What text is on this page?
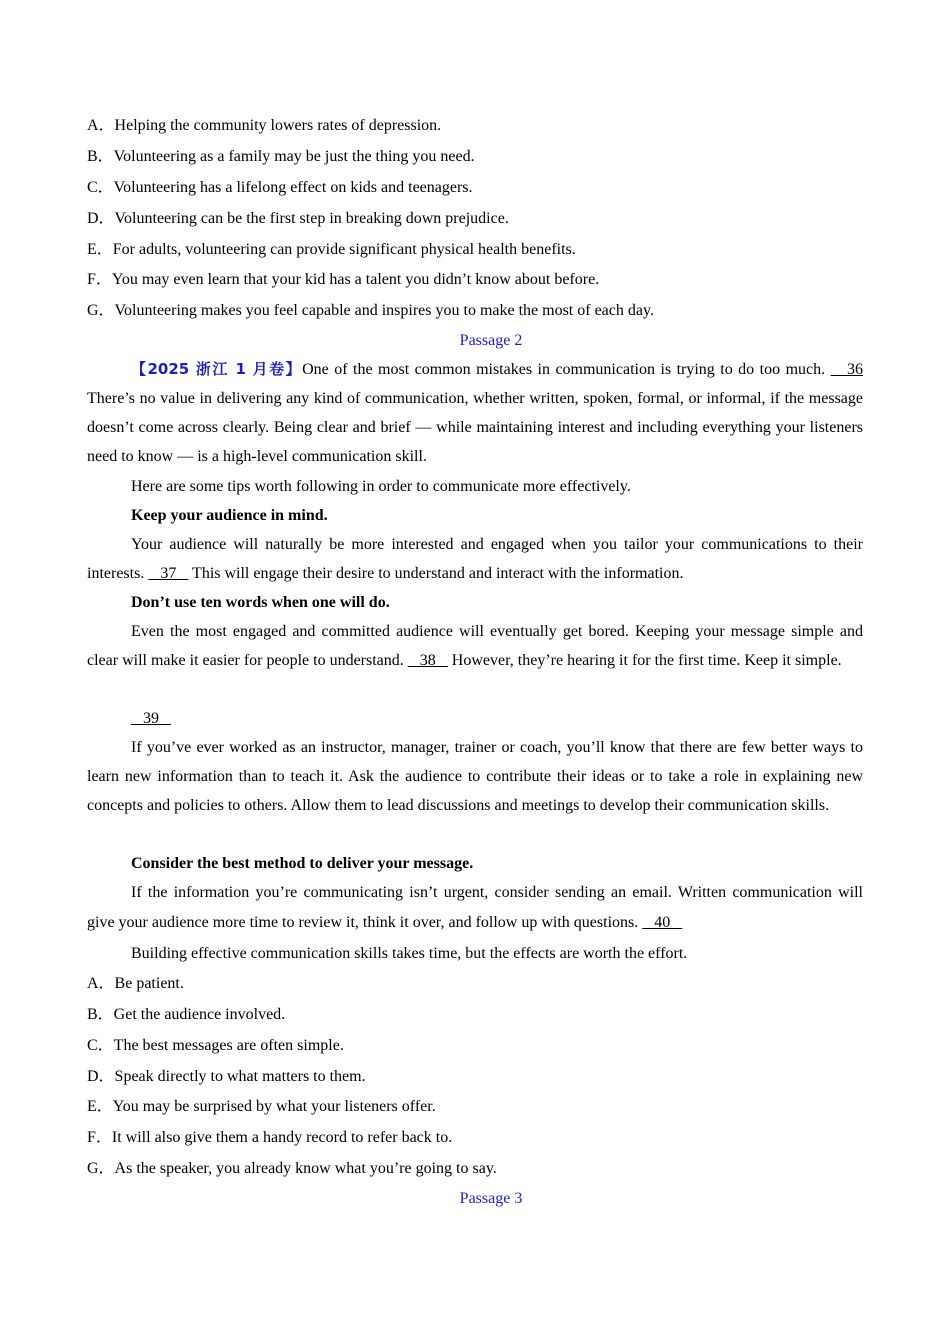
A．Helping the community lowers rates of depression.
B．Volunteering as a family may be just the thing you need.
C．Volunteering has a lifelong effect on kids and teenagers.
D．Volunteering can be the first step in breaking down prejudice.
E．For adults, volunteering can provide significant physical health benefits.
F．You may even learn that your kid has a talent you didn’t know about before.
G．Volunteering makes you feel capable and inspires you to make the most of each day.
Passage 2
【2025 浙江 1 月卷】One of the most common mistakes in communication is trying to do too much.    36 There’s no value in delivering any kind of communication, whether written, spoken, formal, or informal, if the message doesn’t come across clearly. Being clear and brief — while maintaining interest and including everything your listeners need to know — is a high-level communication skill.
Here are some tips worth following in order to communicate more effectively.
Keep your audience in mind.
Your audience will naturally be more interested and engaged when you tailor your communications to their interests.    37    This will engage their desire to understand and interact with the information.
Don’t use ten words when one will do.
Even the most engaged and committed audience will eventually get bored. Keeping your message simple and clear will make it easier for people to understand.    38    However, they’re hearing it for the first time. Keep it simple.
39
If you’ve ever worked as an instructor, manager, trainer or coach, you’ll know that there are few better ways to learn new information than to teach it. Ask the audience to contribute their ideas or to take a role in explaining new concepts and policies to others. Allow them to lead discussions and meetings to develop their communication skills.
Consider the best method to deliver your message.
If the information you’re communicating isn’t urgent, consider sending an email. Written communication will give your audience more time to review it, think it over, and follow up with questions.    40
Building effective communication skills takes time, but the effects are worth the effort.
A．Be patient.
B．Get the audience involved.
C．The best messages are often simple.
D．Speak directly to what matters to them.
E．You may be surprised by what your listeners offer.
F．It will also give them a handy record to refer back to.
G．As the speaker, you already know what you’re going to say.
Passage 3
